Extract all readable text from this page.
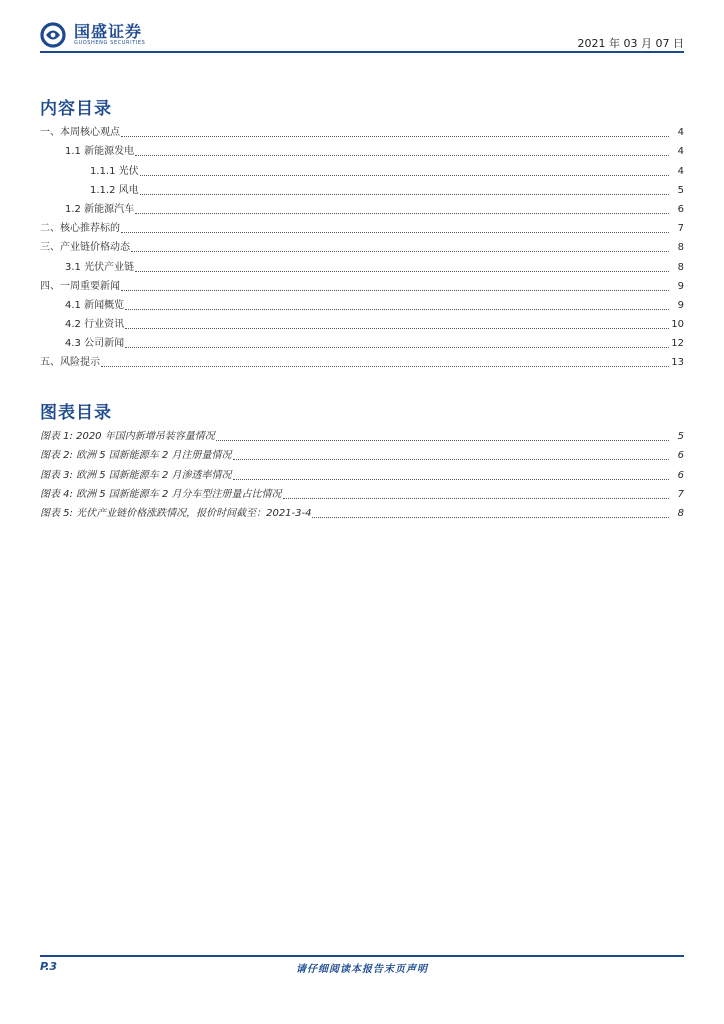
国盛证券
GUOSHENG SECURITIES	2021 年 03 月 07 日
内容目录
一、本周核心观点	4
1.1 新能源发电	4
1.1.1 光伏	4
1.1.2 风电	5
1.2 新能源汽车	6
二、核心推荐标的	7
三、产业链价格动态	8
3.1 光伏产业链	8
四、一周重要新闻	9
4.1 新闻概览	9
4.2 行业资讯	10
4.3 公司新闻	12
五、风险提示	13
图表目录
图表 1: 2020 年国内新增吊装容量情况	5
图表 2: 欧洲 5 国新能源车 2 月注册量情况	6
图表 3: 欧洲 5 国新能源车 2 月渗透率情况	6
图表 4: 欧洲 5 国新能源车 2 月分车型注册量占比情况	7
图表 5: 光伏产业链价格涨跌情况，报价时间截至：2021-3-4	8
P.3	请仔细阅读本报告末页声明
